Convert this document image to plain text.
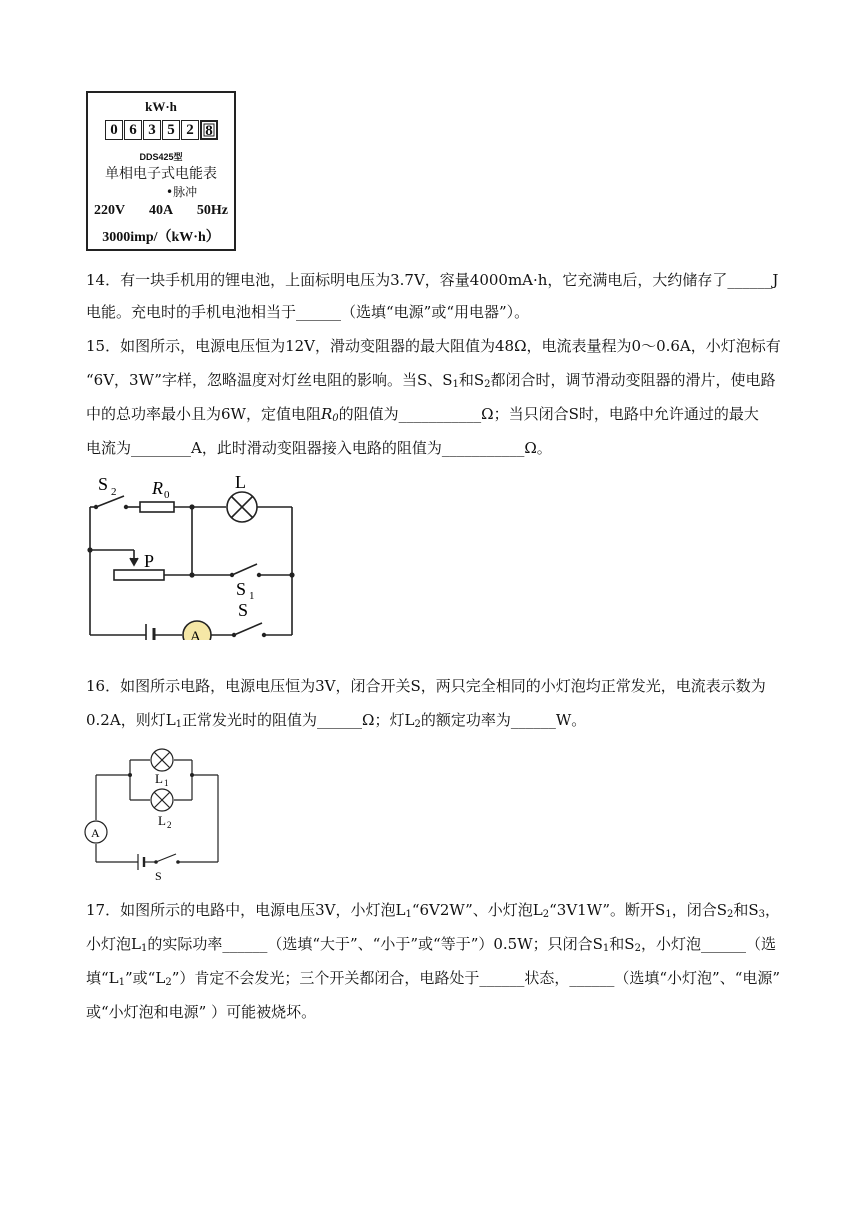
kW·h
0 6 3 5 2 8
DDS425型
单相电子式电能表
•脉冲
220V 40A 50Hz
3000imp/（kW·h）
14．有一块手机用的锂电池，上面标明电压为3.7V，容量4000mA·h，它充满电后，大约储存了______J
电能。充电时的手机电池相当于______（选填“电源”或“用电器”）。
15．如图所示，电源电压恒为12V，滑动变阻器的最大阻值为48Ω，电流表量程为0～0.6A，小灯泡标有
“6V，3W”字样，忽略温度对灯丝电阻的影响。当S、$S_1$和$S_2$都闭合时，调节滑动变阻器的滑片，使电路
中的总功率最小且为6W，定值电阻$R_0$的阻值为___________Ω；当只闭合S时，电路中允许通过的最大
电流为________A，此时滑动变阻器接入电路的阻值为___________Ω。
S 2 R 0
L
P
S 1
A
S
16．如图所示电路，电源电压恒为3V，闭合开关S，两只完全相同的小灯泡均正常发光，电流表示数为
0.2A，则灯$L_1$正常发光时的阻值为______Ω；灯$L_2$的额定功率为______W。
L 1
L 2
A
S
17．如图所示的电路中，电源电压3V，小灯泡$L_1“6V2W$”、小灯泡$L_2“3V1W$”。断开$S_1$，闭合$S_2$和$S_3$，
小灯泡$L_1$的实际功率______（选填“大于”、“小于”或“等于”）0.5W；只闭合$S_1$和$S_2$，小灯泡______（选
填“$L_1$”或“$L_2$”）肯定不会发光；三个开关都闭合，电路处于______状态，______（选填“小灯泡”、“电源”
或“小灯泡和电源” ）可能被烧坏。
